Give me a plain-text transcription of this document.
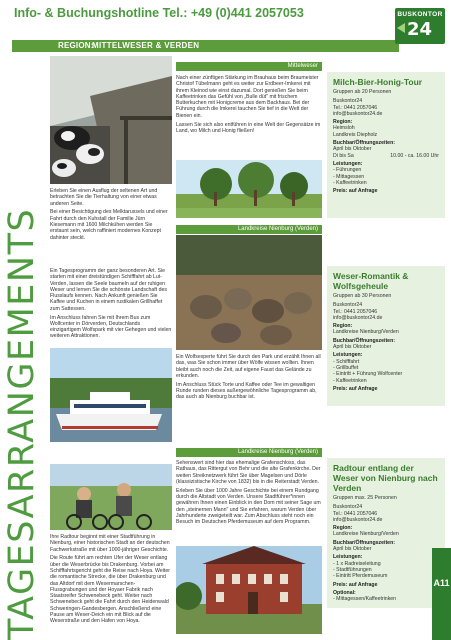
Info- & Buchungshotline Tel.: +49 (0)441 2057053
REGION:
MITTELWESER & VERDEN
BUSKONTOR
24
TAGESARRANGEMENTS
Mittelweser

Erleben Sie einen Ausflug der seltenen Art und betrachten Sie die Tierhaltung von einer etwas anderen Seite.

Bei einer Besichtigung des Melktarussels und einer Fahrt durch den Kuhstall der Familie Jürn Kiesemann mit 1600 Milchkühen werden Sie erstaunt sein, welch raffiniert modernes Konzept dahinter steckt.

Nach einer zünftigen Stärkung im Brauhaus beim Braumeister Christof Tübelmann geht es weiter zur Erdbeer-Imkerei mit ihrem Kleinod wie einst dazumal. Dort genießen Sie beim Kaffeetrinken das Gefühl von „Bulle düt" mit frischem Butterkuchen mit Honigcreme aus dem Backhaus. Bei der Führung durch die Imkerei tauchen Sie tief in die Welt der Bienen ein.

Lassen Sie sich also entführen in eine Welt der Gegensätze im Land, wo Milch und Honig fließen!

Milch-Bier-Honig-Tour
Gruppen ab 20 Personen
Buskontor24
Tel.: 0441 2057046
info@buskontor24.de
Region:
Heimsloh
Landkreis Diepholz
Buchbar/Öffnungszeiten:
April bis Oktober
Di bis Sa	10.00 - ca. 16.00 Uhr
Leistungen:
- Führungen
- Mittagessen
- Kaffeetrinken
Preis: auf Anfrage
Landkreise Nienburg (Verden)

Ein Tagesprogramm der ganz besonderen Art. Sie starten mit einer dreistündigen Schifffahrt ab Lut-Verden, lassen die Seele baumeln auf der ruhigen Weser und lernen Sie die schönste Landschaft des Flusslaufs kennen. Nach Ankunft genießen Sie Kaffee und Kuchen in einem rustikalen Grillhaffet zum Sattessen.

Im Anschluss fahren Sie mit Ihrem Bus zum Wolfcenter in Dörverden, Deutschlands einzigartigem Wolfspark mit vier Gehegen und vielen weiteren Attraktionen.

Ein Wolfsexperte führt Sie durch den Park und erzählt Ihnen all das, was Sie schon immer über Wölfe wissen wollten. Ihnen bleibt auch noch die Zeit, auf eigene Faust das Gelände zu erkunden.

Im Anschluss Stück Torte und Kaffee oder Tee im gewaltigen Runde runden dieses außergewöhnliche Tagesprogramm ab, das auch ab Nienburg buchbar ist.

Weser-Romantik & Wolfsgeheule
Gruppen ab 30 Personen
Buskontor24
Tel.: 0441 2057046
info@buskontor24.de
Region:
Landkreise Nienburg/Verden
Buchbar/Öffnungszeiten:
April bis Oktober
Leistungen:
- Schifffahrt
- Grillbuffet
- Eintritt + Führung Wolfcenter
- Kaffeetrinken
Preis: auf Anfrage
Landkreise Nienburg (Verden)

Ihre Radtour beginnt mit einer Stadtführung in Nienburg, einer historischen Stadt an der deutschen Fachwerkstraße mit über 1000-jähriger Geschichte.

Die Route führt am rechten Ufer der Weser entlang über die Weserbrücke bis Drakenburg. Vorbei am Schifffahrtsgericht geht die Reise nach Hoya. Weiter die romantische Strecke, die über Drakenburg und das Altdorf mit dem Wesermarschen-Flussgrabungen und der Hoyaer Fabrik nach Staatsreifer Schwenebeck geht. Weiter nach Schwenebeck geht die Fahrt durch den Heidenwald Schweringen-Gandesbergen. Anschließend eine Pause am Weser-Deich ein mit Blick auf die Weserstraße und den Hafen von Hoya.

Sehenswert sind hier das ehemalige Grafenschloss, das Rathaus, das Rittergut von Behr und die alte Grafenkirche. Der weiten Streiknetzwerk führt Sie über Magelsen und Dörle (klassizistische Kirche von 1832) bis in die Reiterstadt Verden.

Erleben Sie über 1000 Jahre Geschichte bei einem Rundgang durch die Altstadt von Verden. Unsere Stadtführer*innen gewähren Ihnen einen Einblick in den Dom mit seiner Sage um den „steinernen Mann" und Sie erfahren, warum Verden über Jahrhunderte zweigeteilt war. Zum Abschluss steht noch ein Besuch im Deutschen Pferdemuseum auf dem Programm.

Radtour entlang der Weser von Nienburg nach Verden
Gruppen max. 25 Personen
Buskontor24
Tel.: 0441 2057046
info@buskontor24.de
Region:
Landkreise Nienburg/Verden
Buchbar/Öffnungszeiten:
April bis Oktober
Leistungen:
- 1 x Radreiseleitung
- Stadtführungen
- Eintritt Pferdemuseum
Preis: auf Anfrage
Optional:
- Mittagessen/Kaffeetrinken
A11
